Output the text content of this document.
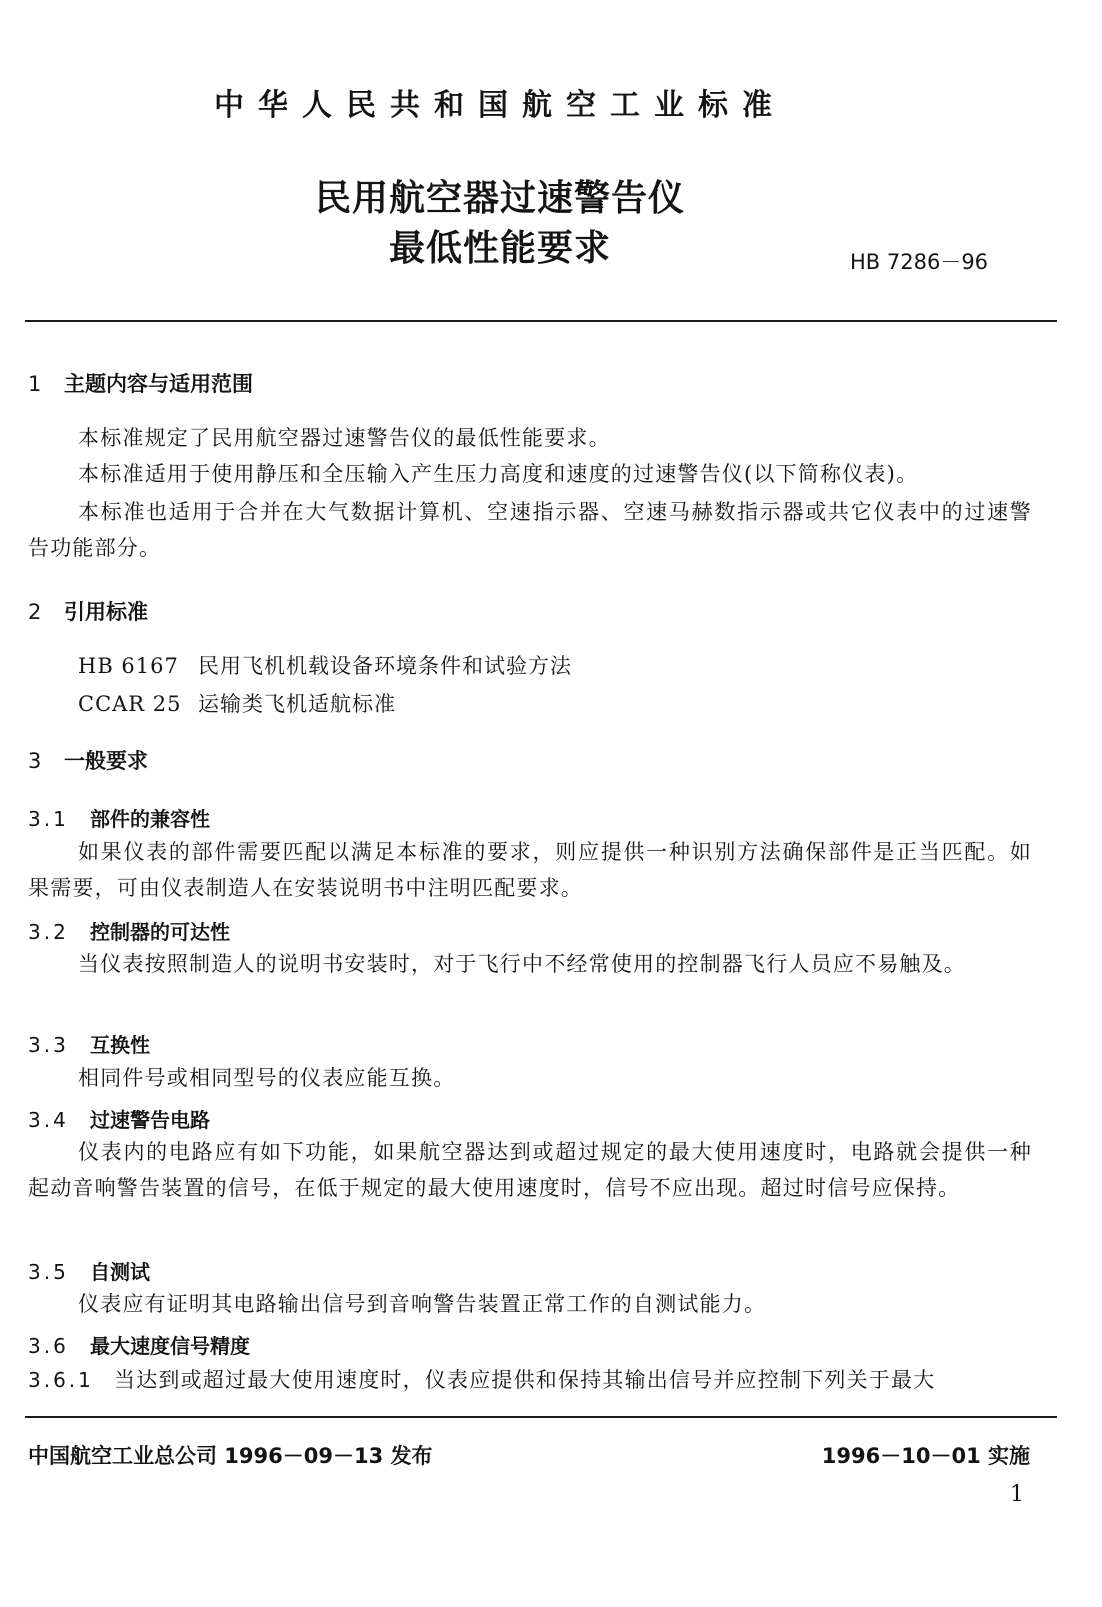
中华人民共和国航空工业标准
民用航空器过速警告仪
最低性能要求	HB 7286－96
1 主题内容与适用范围
本标准规定了民用航空器过速警告仪的最低性能要求。
本标准适用于使用静压和全压输入产生压力高度和速度的过速警告仪(以下简称仪表)。
本标准也适用于合并在大气数据计算机、空速指示器、空速马赫数指示器或共它仪表中的过速警告功能部分。
2 引用标准
HB 6167 民用飞机机载设备环境条件和试验方法
CCAR 25 运输类飞机适航标准
3 一般要求
3.1 部件的兼容性
如果仪表的部件需要匹配以满足本标准的要求，则应提供一种识别方法确保部件是正当匹配。如果需要，可由仪表制造人在安装说明书中注明匹配要求。
3.2 控制器的可达性
当仪表按照制造人的说明书安装时，对于飞行中不经常使用的控制器飞行人员应不易触及。
3.3 互换性
相同件号或相同型号的仪表应能互换。
3.4 过速警告电路
仪表内的电路应有如下功能，如果航空器达到或超过规定的最大使用速度时，电路就会提供一种起动音响警告装置的信号，在低于规定的最大使用速度时，信号不应出现。超过时信号应保持。
3.5 自测试
仪表应有证明其电路输出信号到音响警告装置正常工作的自测试能力。
3.6 最大速度信号精度
3.6.1 当达到或超过最大使用速度时，仪表应提供和保持其输出信号并应控制下列关于最大
中国航空工业总公司 1996－09－13 发布	1996－10－01 实施
1
